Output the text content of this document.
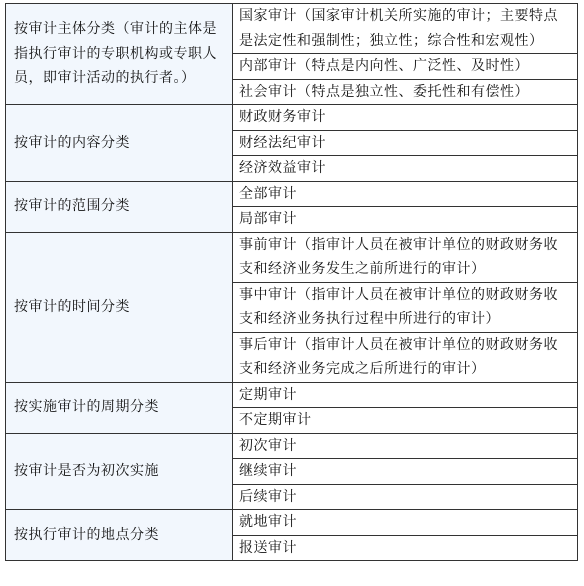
按审计主体分类（审计的主体是指执行审计的专职机构或专职人员，即审计活动的执行者。）	国家审计（国家审计机关所实施的审计；主要特点是法定性和强制性；独立性；综合性和宏观性）
	内部审计（特点是内向性、广泛性、及时性）
	社会审计（特点是独立性、委托性和有偿性）
按审计的内容分类	财政财务审计
	财经法纪审计
	经济效益审计
按审计的范围分类	全部审计
	局部审计
按审计的时间分类	事前审计（指审计人员在被审计单位的财政财务收支和经济业务发生之前所进行的审计）
	事中审计（指审计人员在被审计单位的财政财务收支和经济业务执行过程中所进行的审计）
	事后审计（指审计人员在被审计单位的财政财务收支和经济业务完成之后所进行的审计）
按实施审计的周期分类	定期审计
	不定期审计
按审计是否为初次实施	初次审计
	继续审计
	后续审计
按执行审计的地点分类	就地审计
	报送审计
